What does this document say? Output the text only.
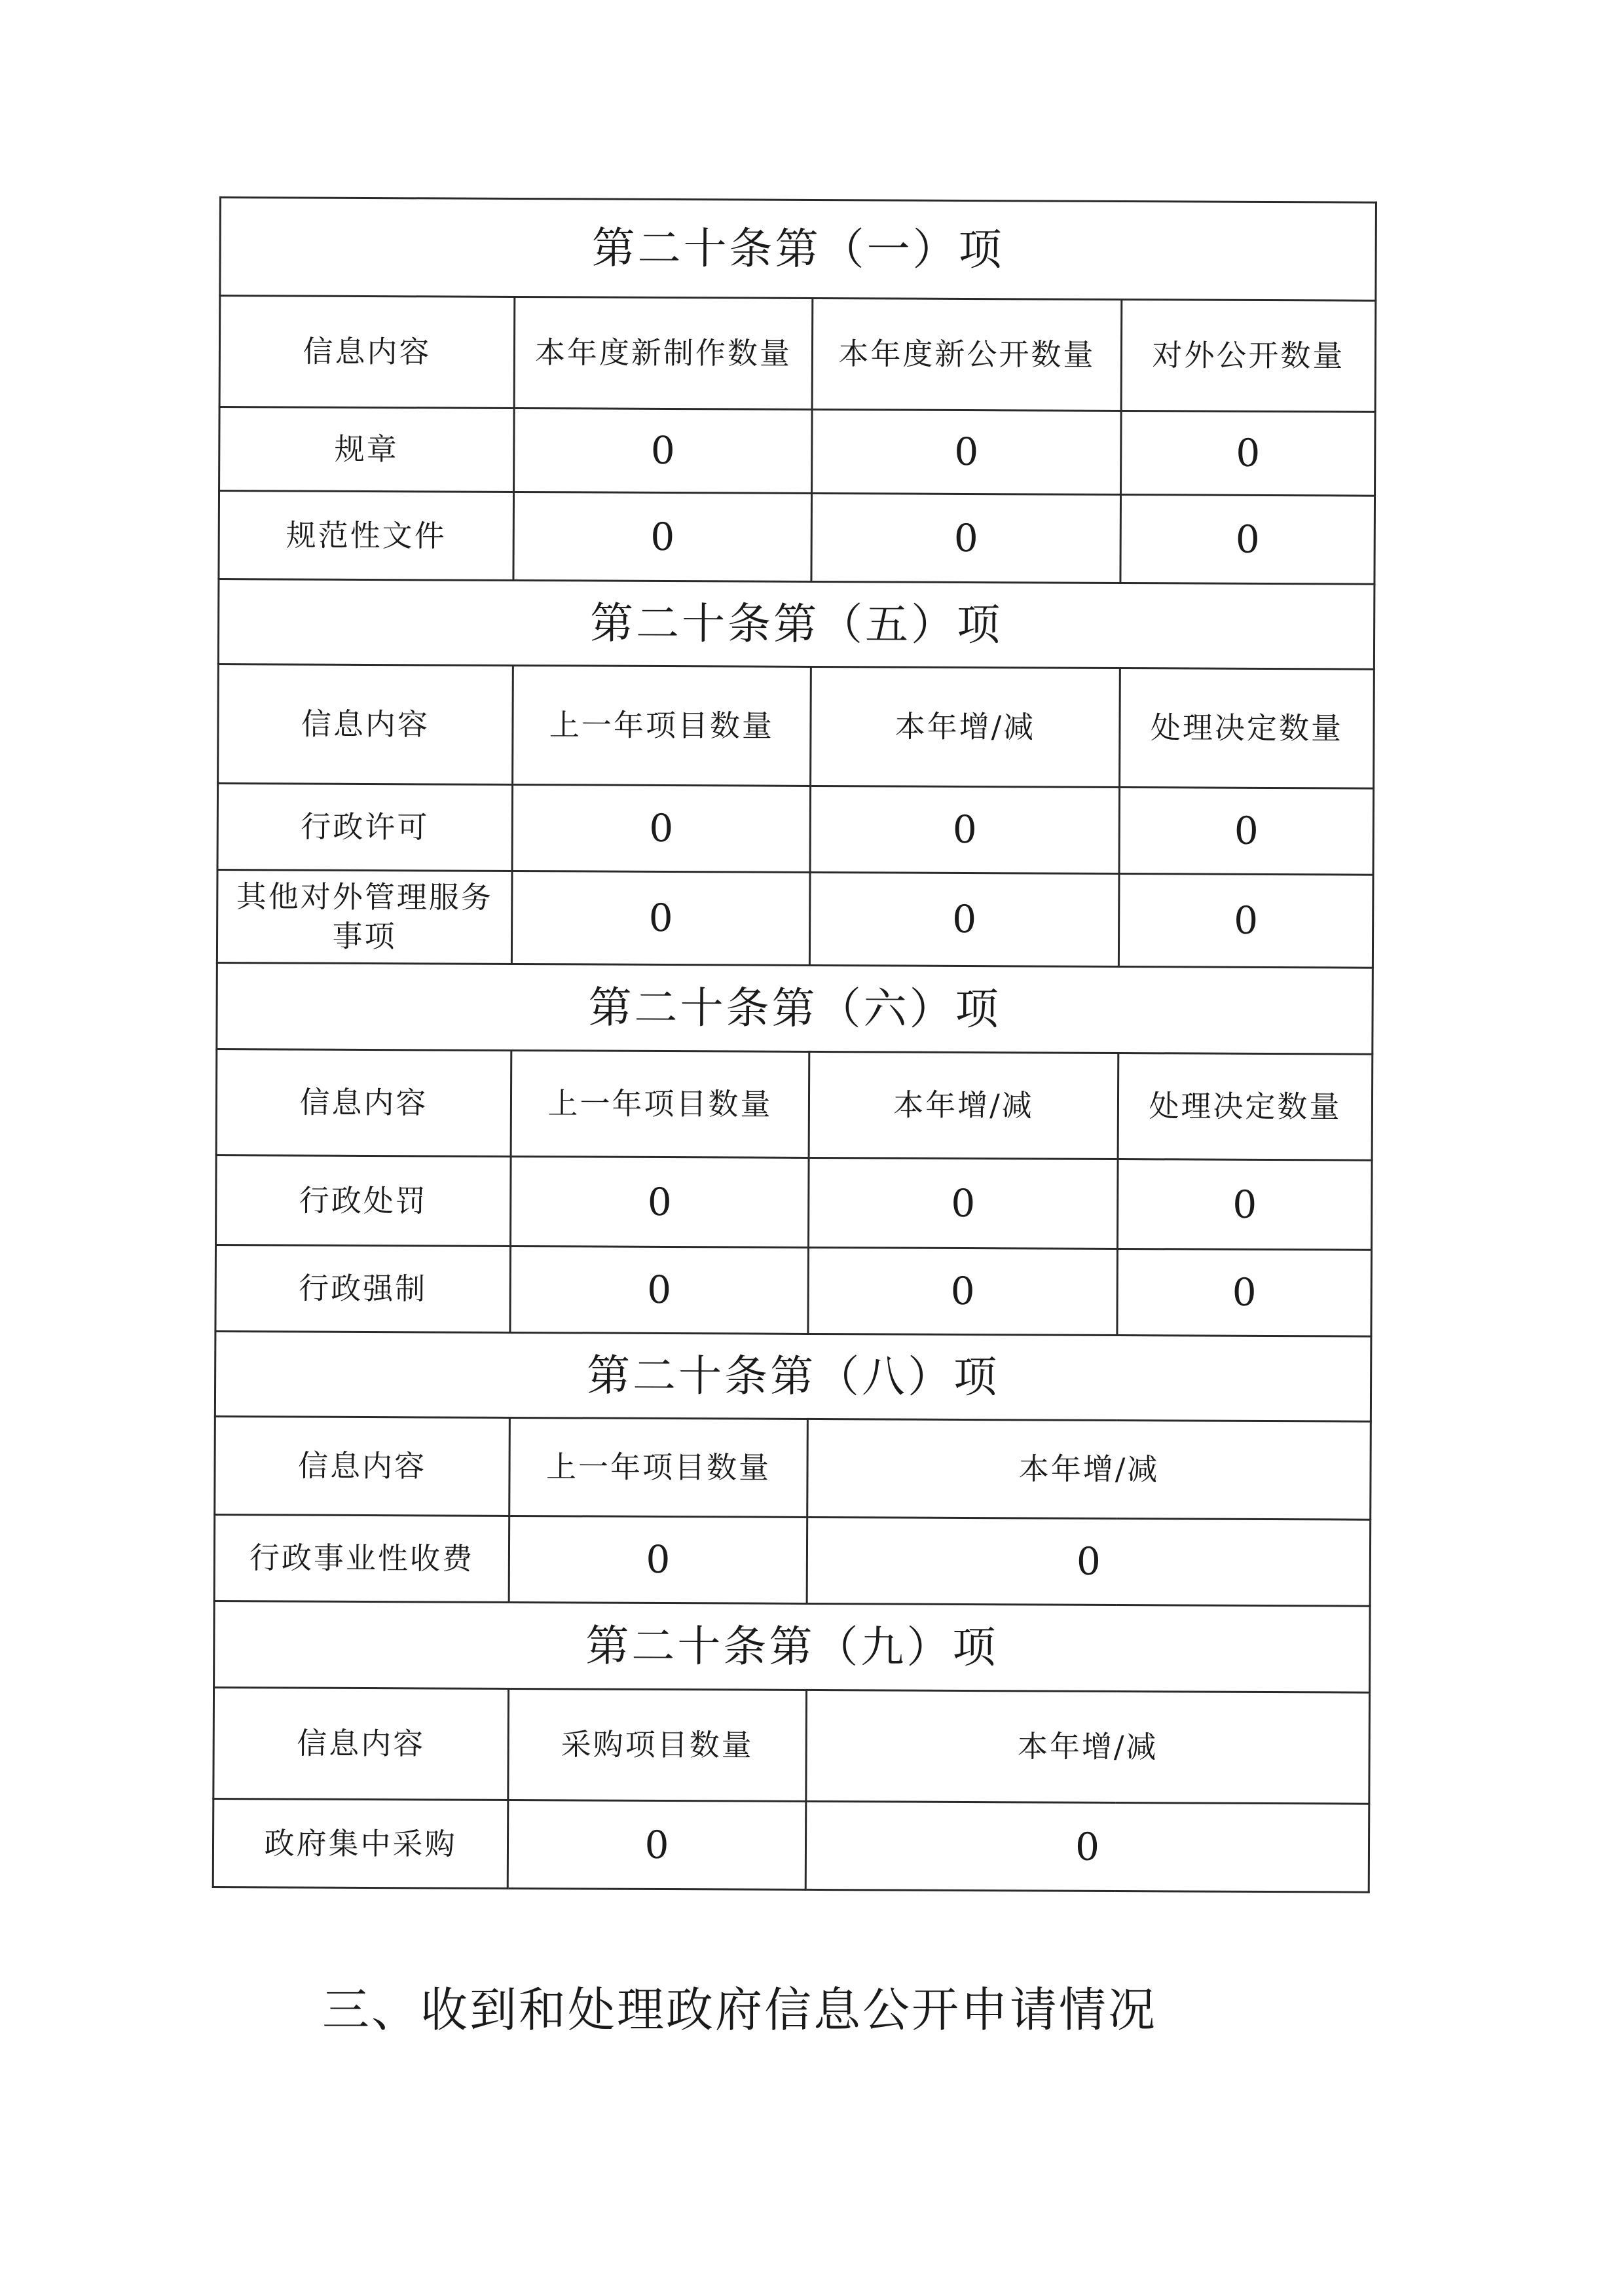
第二十条第（一）项			
信息内容	本年度新制作数量	本年度新公开数量	对外公开数量
规章	0	0	0
规范性文件	0	0	0
第二十条第（五）项			
信息内容	上一年项目数量	本年增/减	处理决定数量
行政许可	0	0	0
其他对外管理服务事项	0	0	0
第二十条第（六）项			
信息内容	上一年项目数量	本年增/减	处理决定数量
行政处罚	0	0	0
行政强制	0	0	0
第二十条第（八）项			
信息内容	上一年项目数量	本年增/减	
行政事业性收费	0	0	
第二十条第（九）项			
信息内容	采购项目数量	本年增/减	
政府集中采购	0	0	
三、收到和处理政府信息公开申请情况
